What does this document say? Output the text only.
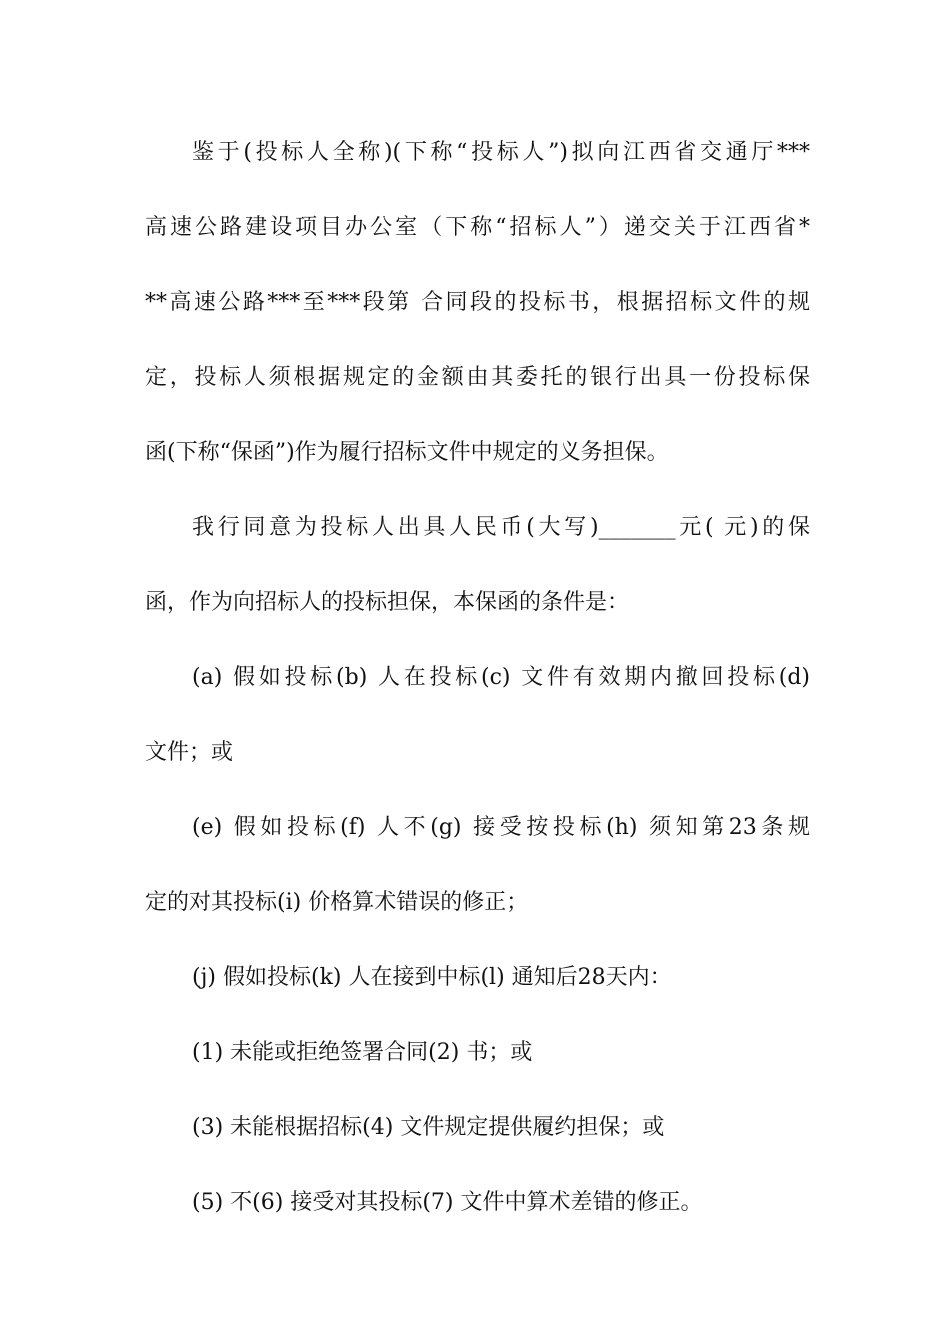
鉴于(投标人全称)(下称“投标人”)拟向江西省交通厅***
高速公路建设项目办公室（下称“招标人”）递交关于江西省*
**高速公路***至***段第 合同段的投标书，根据招标文件的规
定，投标人须根据规定的金额由其委托的银行出具一份投标保
函(下称“保函”)作为履行招标文件中规定的义务担保。
我行同意为投标人出具人民币(大写)_______元( 元)的保
函，作为向招标人的投标担保，本保函的条件是：
(a) 假如投标(b) 人在投标(c) 文件有效期内撤回投标(d)
文件；或
(e) 假如投标(f) 人不(g) 接受按投标(h) 须知第23条规
定的对其投标(i) 价格算术错误的修正；
(j) 假如投标(k) 人在接到中标(l) 通知后28天内：
(1) 未能或拒绝签署合同(2) 书；或
(3) 未能根据招标(4) 文件规定提供履约担保；或
(5) 不(6) 接受对其投标(7) 文件中算术差错的修正。
